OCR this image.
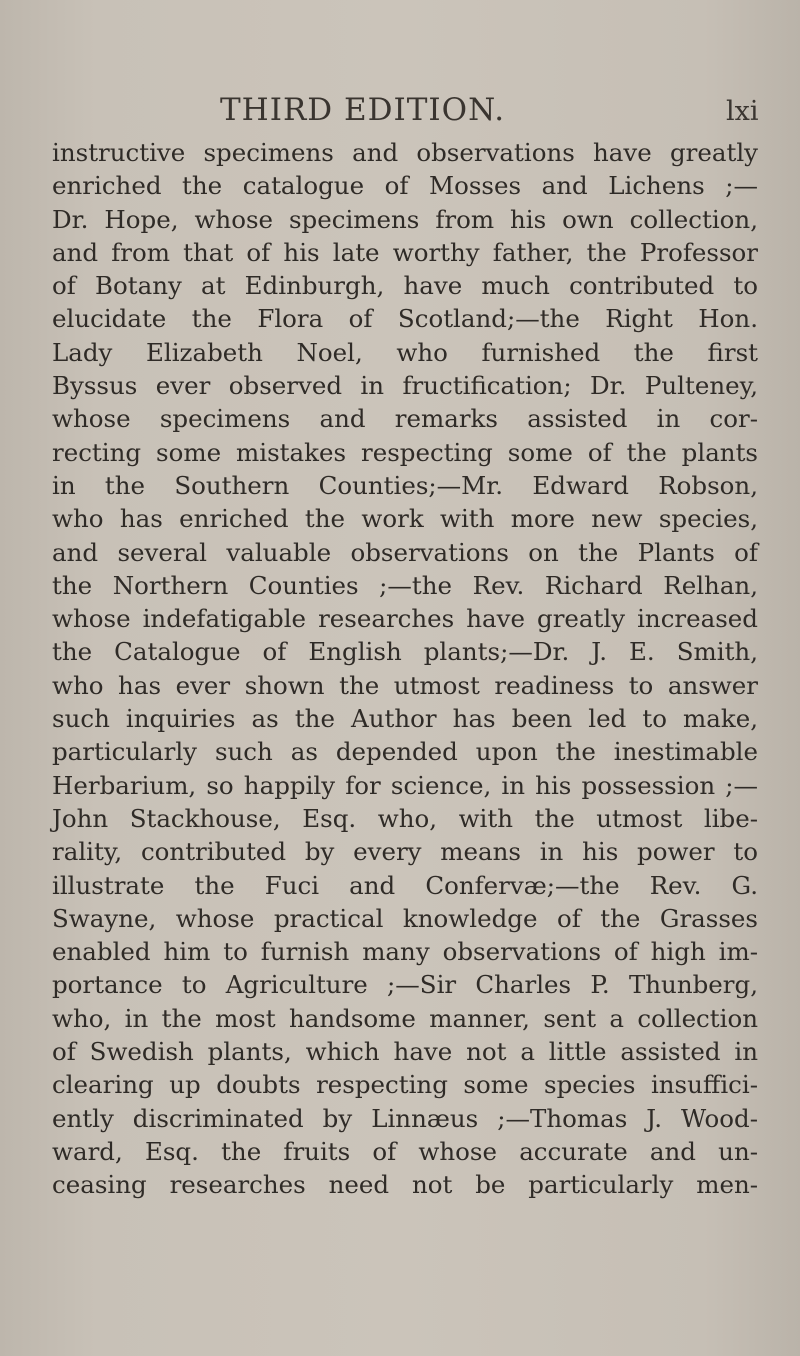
THIRD EDITION.	lxi
instructive specimens and observations have greatly
enriched the catalogue of Mosses and Lichens ;—
Dr. Hope, whose specimens from his own collection,
and from that of his late worthy father, the Professor
of Botany at Edinburgh, have much contributed to
elucidate the Flora of Scotland;—the Right Hon.
Lady Elizabeth Noel, who furnished the first
Byssus ever observed in fructification; Dr. Pulteney,
whose specimens and remarks assisted in cor-
recting some mistakes respecting some of the plants
in the Southern Counties;—Mr. Edward Robson,
who has enriched the work with more new species,
and several valuable observations on the Plants of
the Northern Counties ;—the Rev. Richard Relhan,
whose indefatigable researches have greatly increased
the Catalogue of English plants;—Dr. J. E. Smith,
who has ever shown the utmost readiness to answer
such inquiries as the Author has been led to make,
particularly such as depended upon the inestimable
Herbarium, so happily for science, in his possession ;—
John Stackhouse, Esq. who, with the utmost libe-
rality, contributed by every means in his power to
illustrate the Fuci and Confervæ;—the Rev. G.
Swayne, whose practical knowledge of the Grasses
enabled him to furnish many observations of high im-
portance to Agriculture ;—Sir Charles P. Thunberg,
who, in the most handsome manner, sent a collection
of Swedish plants, which have not a little assisted in
clearing up doubts respecting some species insuffici-
ently discriminated by Linnæus ;—Thomas J. Wood-
ward, Esq. the fruits of whose accurate and un-
ceasing researches need not be particularly men-
